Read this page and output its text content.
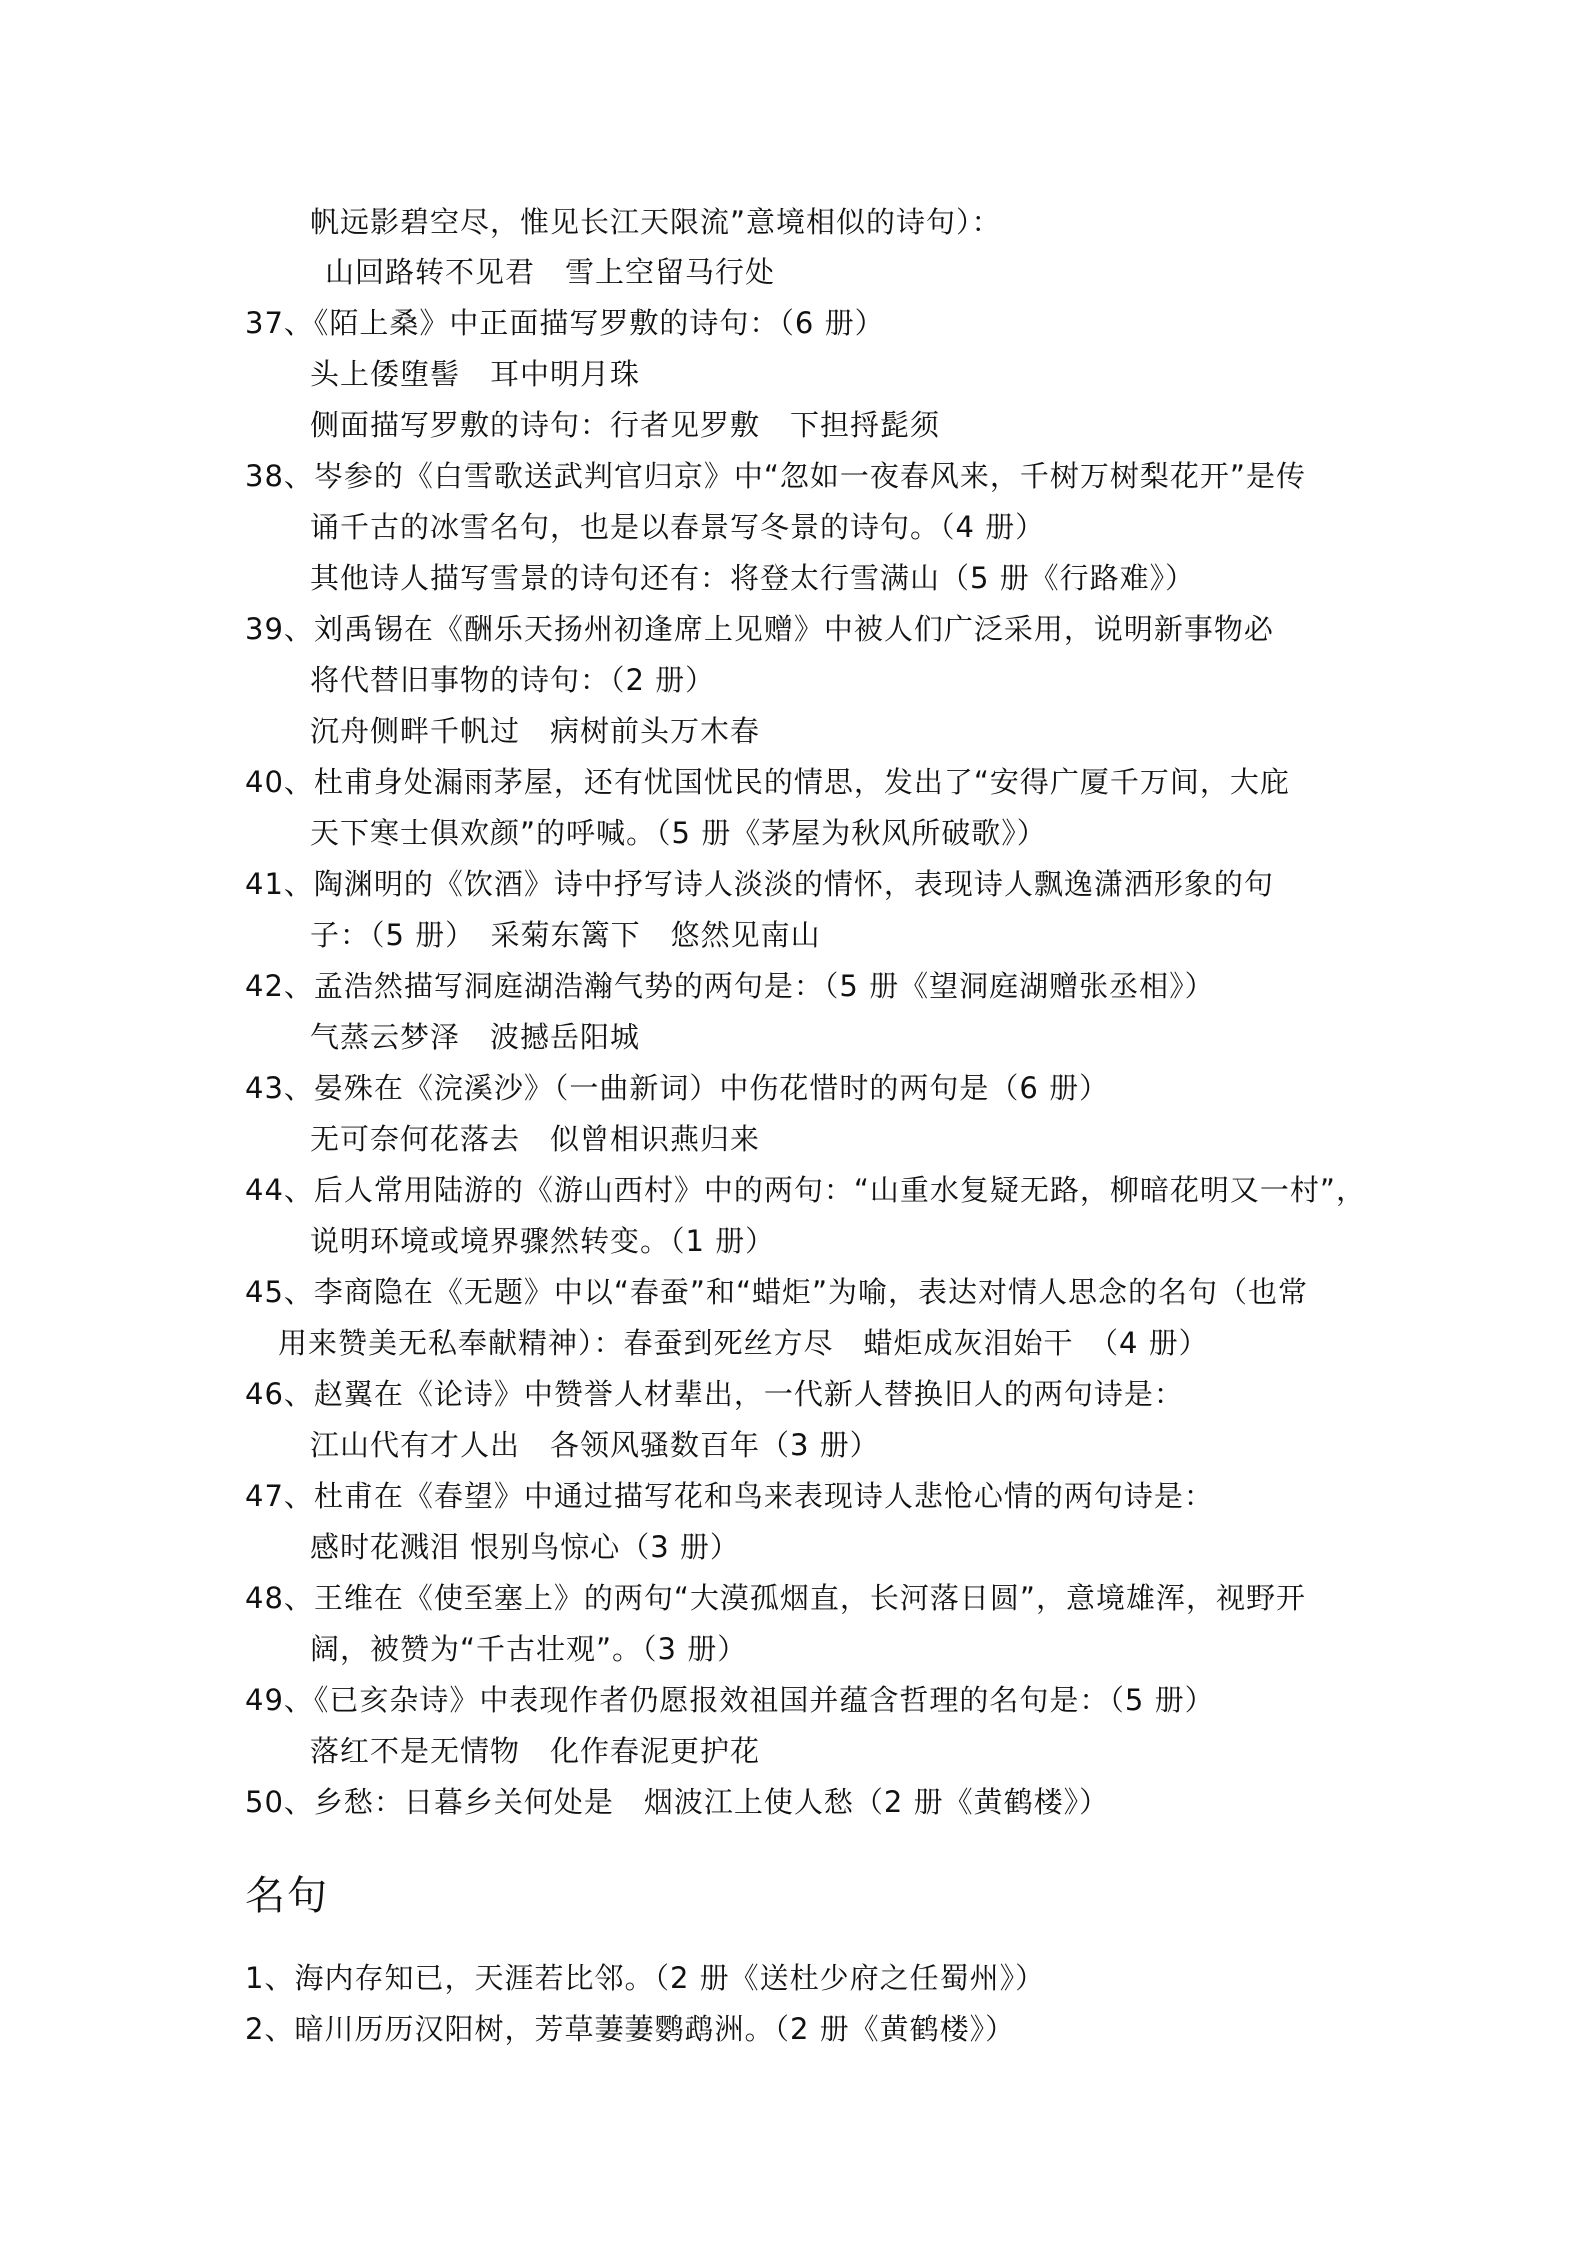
帆远影碧空尽，惟见长江天限流”意境相似的诗句）：
山回路转不见君　雪上空留马行处
37、《陌上桑》中正面描写罗敷的诗句：（6 册）
头上倭堕髻　耳中明月珠
侧面描写罗敷的诗句：行者见罗敷　下担捋髭须
38、岑参的《白雪歌送武判官归京》中“忽如一夜春风来，千树万树梨花开”是传
诵千古的冰雪名句，也是以春景写冬景的诗句。（4 册）
其他诗人描写雪景的诗句还有：将登太行雪满山（5 册《行路难》）
39、刘禹锡在《酬乐天扬州初逢席上见赠》中被人们广泛采用，说明新事物必
将代替旧事物的诗句：（2 册）
沉舟侧畔千帆过　病树前头万木春
40、杜甫身处漏雨茅屋，还有忧国忧民的情思，发出了“安得广厦千万间，大庇
天下寒士俱欢颜”的呼喊。（5 册《茅屋为秋风所破歌》）
41、陶渊明的《饮酒》诗中抒写诗人淡淡的情怀，表现诗人飘逸潇洒形象的句
子：（5 册）　采菊东篱下　悠然见南山
42、孟浩然描写洞庭湖浩瀚气势的两句是：（5 册《望洞庭湖赠张丞相》）
气蒸云梦泽　波撼岳阳城
43、晏殊在《浣溪沙》（一曲新词）中伤花惜时的两句是（6 册）
无可奈何花落去　似曾相识燕归来
44、后人常用陆游的《游山西村》中的两句：“山重水复疑无路，柳暗花明又一村”，
说明环境或境界骤然转变。（1 册）
45、李商隐在《无题》中以“春蚕”和“蜡炬”为喻，表达对情人思念的名句（也常
用来赞美无私奉献精神）：春蚕到死丝方尽　蜡炬成灰泪始干　（4 册）
46、赵翼在《论诗》中赞誉人材辈出，一代新人替换旧人的两句诗是：
江山代有才人出　各领风骚数百年（3 册）
47、杜甫在《春望》中通过描写花和鸟来表现诗人悲怆心情的两句诗是：
感时花溅泪 恨别鸟惊心（3 册）
48、王维在《使至塞上》的两句“大漠孤烟直，长河落日圆”，意境雄浑，视野开
阔，被赞为“千古壮观”。（3 册）
49、《已亥杂诗》中表现作者仍愿报效祖国并蕴含哲理的名句是：（5 册）
落红不是无情物　化作春泥更护花
50、乡愁：日暮乡关何处是　烟波江上使人愁（2 册《黄鹤楼》）
名句
1、海内存知已，天涯若比邻。（2 册《送杜少府之任蜀州》）
2、暗川历历汉阳树，芳草萋萋鹦鹉洲。（2 册《黄鹤楼》）
